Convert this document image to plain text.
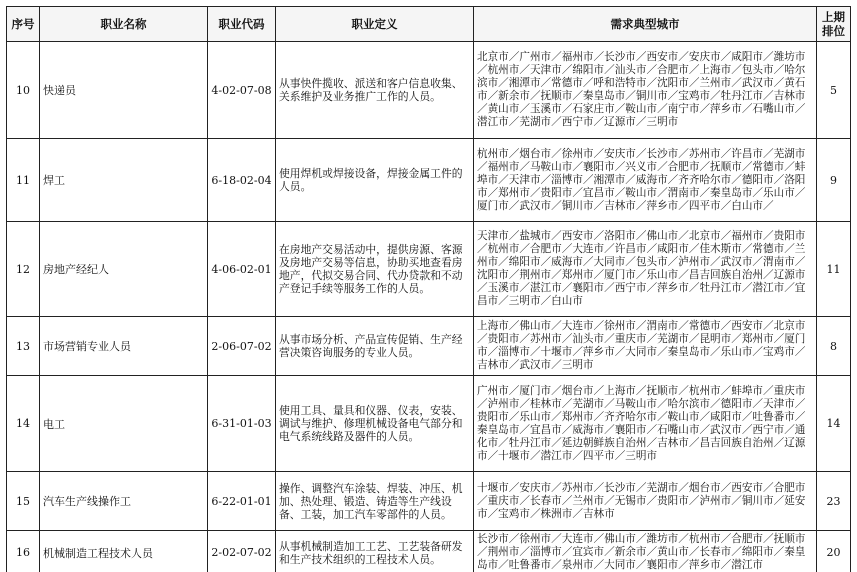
序号	职业名称	职业代码	职业定义	需求典型城市	上期排位
10	快递员	4-02-07-08	从事快件揽收、派送和客户信息收集、关系维护及业务推广工作的人员。	北京市／广州市／福州市／长沙市／西安市／安庆市／咸阳市／潍坊市／杭州市／天津市／绵阳市／汕头市／合肥市／上海市／包头市／哈尔滨市／湘潭市／常德市／呼和浩特市／沈阳市／兰州市／武汉市／黄石市／新余市／抚顺市／秦皇岛市／铜川市／宝鸡市／牡丹江市／吉林市／黄山市／玉溪市／石家庄市／鞍山市／南宁市／萍乡市／石嘴山市／潜江市／芜湖市／西宁市／辽源市／三明市	5
11	焊工	6-18-02-04	使用焊机或焊接设备，焊接金属工件的人员。	杭州市／烟台市／徐州市／安庆市／长沙市／苏州市／许昌市／芜湖市／福州市／马鞍山市／襄阳市／兴义市／合肥市／抚顺市／常德市／蚌埠市／天津市／淄博市／湘潭市／威海市／齐齐哈尔市／德阳市／洛阳市／郑州市／贵阳市／宜昌市／鞍山市／渭南市／秦皇岛市／乐山市／厦门市／武汉市／铜川市／吉林市／萍乡市／四平市／白山市／	9
12	房地产经纪人	4-06-02-01	在房地产交易活动中，提供房源、客源及房地产交易等信息，协助买地查看房地产，代拟交易合同、代办贷款和不动产登记手续等服务工作的人员。	天津市／盐城市／西安市／洛阳市／佛山市／北京市／福州市／贵阳市／杭州市／合肥市／大连市／许昌市／咸阳市／佳木斯市／常德市／兰州市／绵阳市／威海市／大同市／包头市／泸州市／武汉市／渭南市／沈阳市／荆州市／郑州市／厦门市／乐山市／昌吉回族自治州／辽源市／玉溪市／湛江市／襄阳市／西宁市／萍乡市／牡丹江市／潜江市／宜昌市／三明市／白山市	11
13	市场营销专业人员	2-06-07-02	从事市场分析、产品宣传促销、生产经营决策咨询服务的专业人员。	上海市／佛山市／大连市／徐州市／渭南市／常德市／西安市／北京市／贵阳市／苏州市／汕头市／重庆市／芜湖市／昆明市／郑州市／厦门市／淄博市／十堰市／萍乡市／大同市／秦皇岛市／乐山市／宝鸡市／吉林市／武汉市／三明市	8
14	电工	6-31-01-03	使用工具、量具和仪器、仪表，安装、调试与维护、修理机械设备电气部分和电气系统线路及器件的人员。	广州市／厦门市／烟台市／上海市／抚顺市／杭州市／蚌埠市／重庆市／泸州市／桂林市／芜湖市／马鞍山市／哈尔滨市／德阳市／天津市／贵阳市／乐山市／郑州市／齐齐哈尔市／鞍山市／咸阳市／吐鲁番市／秦皇岛市／宜昌市／威海市／襄阳市／石嘴山市／武汉市／西宁市／通化市／牡丹江市／延边朝鲜族自治州／吉林市／昌吉回族自治州／辽源市／十堰市／潜江市／四平市／三明市	14
15	汽车生产线操作工	6-22-01-01	操作、调整汽车涂装、焊装、冲压、机加、热处理、锻造、铸造等生产线设备、工装，加工汽车零部件的人员。	十堰市／安庆市／苏州市／长沙市／芜湖市／烟台市／西安市／合肥市／重庆市／长春市／兰州市／无锡市／贵阳市／泸州市／铜川市／延安市／宝鸡市／株洲市／吉林市	23
16	机械制造工程技术人员	2-02-07-02	从事机械制造加工工艺、工艺装备研发和生产技术组织的工程技术人员。	长沙市／徐州市／大连市／佛山市／潍坊市／杭州市／合肥市／抚顺市／荆州市／淄博市／宜宾市／新余市／黄山市／长春市／绵阳市／秦皇岛市／吐鲁番市／泉州市／大同市／襄阳市／萍乡市／潜江市	20
